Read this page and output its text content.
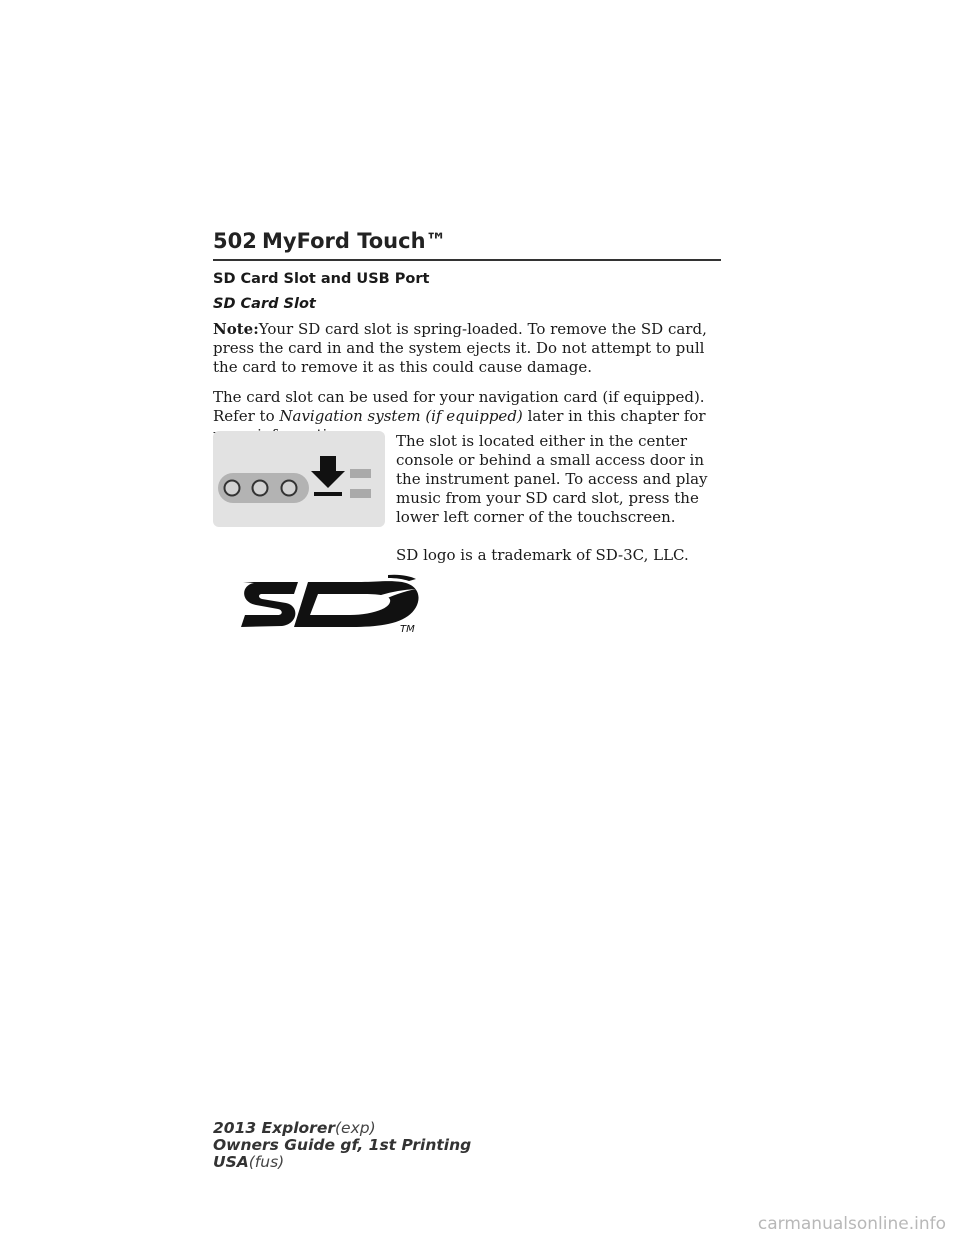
502 MyFord Touch™
SD Card Slot and USB Port
SD Card Slot

Note:Your SD card slot is spring-loaded. To remove the SD card, press the card in and the system ejects it. Do not attempt to pull the card to remove it as this could cause damage.

The card slot can be used for your navigation card (if equipped). Refer to Navigation system (if equipped) later in this chapter for

The slot is located either in the center console or behind a small access door in the instrument panel. To access and play music from your SD card slot, press the lower left corner of the touchscreen.

TM

SD logo is a trademark of SD-3C, LLC.

2013 Explorer(exp)
Owners Guide gf, 1st Printing
USA(fus)
carmanualsonline.info
